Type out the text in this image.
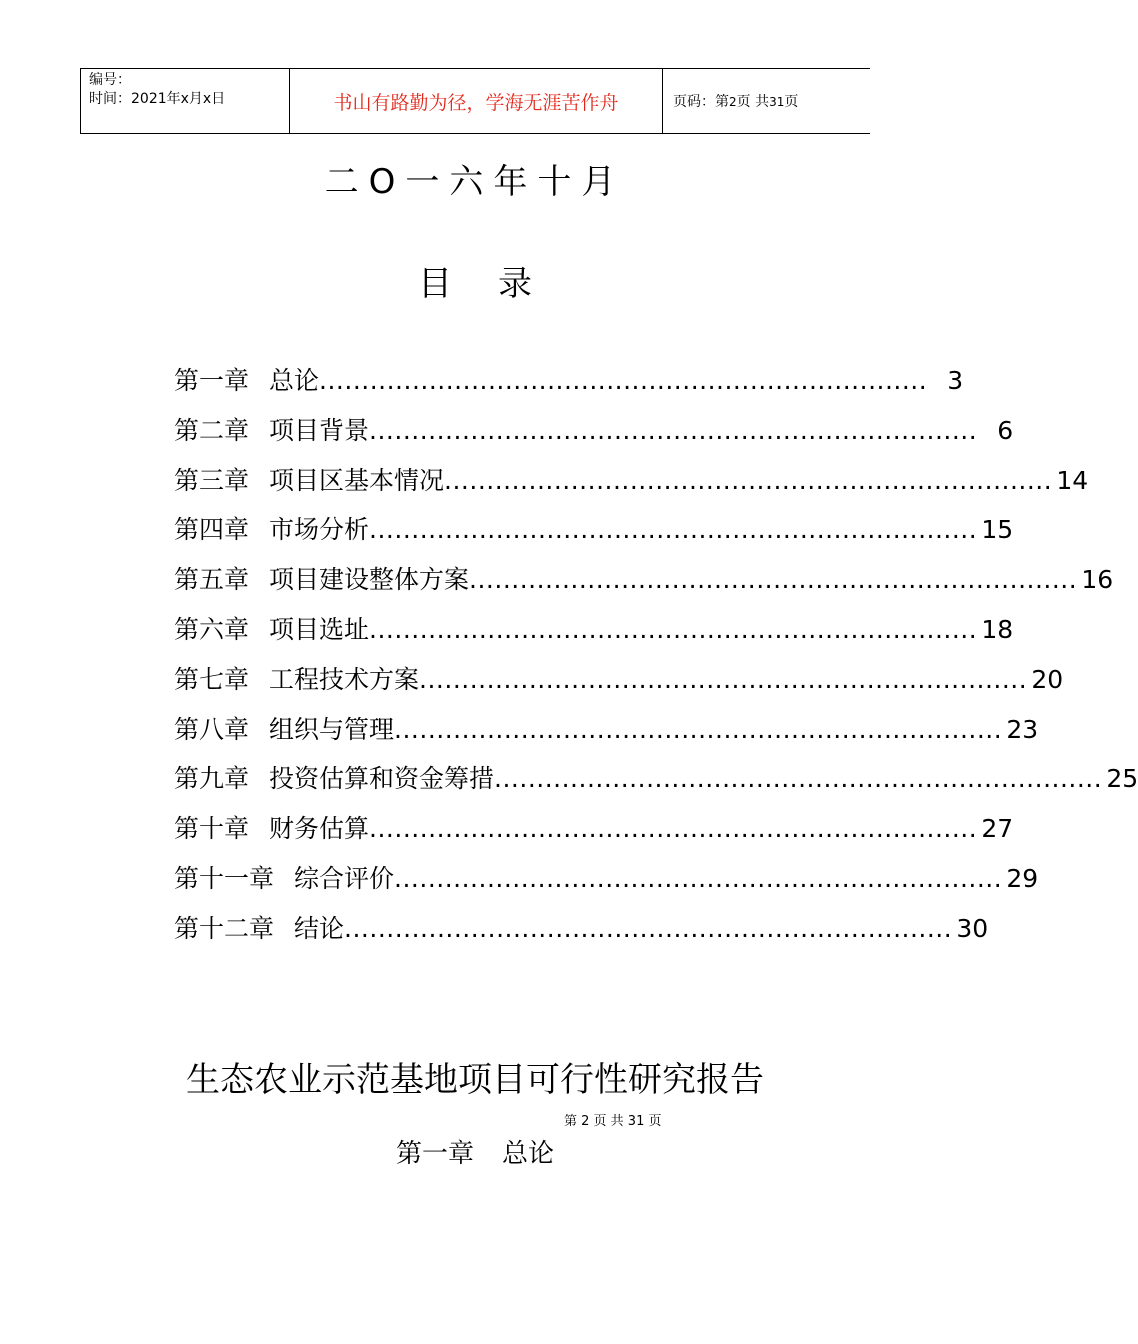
编号：
时间：2021年x月x日	书山有路勤为径，学海无涯苦作舟	页码：第2页 共31页
二O一六年十月
目 录
第一章 总论 ........................................................................ 3
第二章 项目背景 ........................................................................ 6
第三章 项目区基本情况 ........................................................................ 14
第四章 市场分析 ........................................................................ 15
第五章 项目建设整体方案 ........................................................................ 16
第六章 项目选址 ........................................................................ 18
第七章 工程技术方案 ........................................................................ 20
第八章 组织与管理 ........................................................................ 23
第九章 投资估算和资金筹措 ........................................................................ 25
第十章 财务估算 ........................................................................ 27
第十一章 综合评价 ........................................................................ 29
第十二章 结论 ........................................................................ 30
生态农业示范基地项目可行性研究报告
第 2 页 共 31 页
第一章 总论
